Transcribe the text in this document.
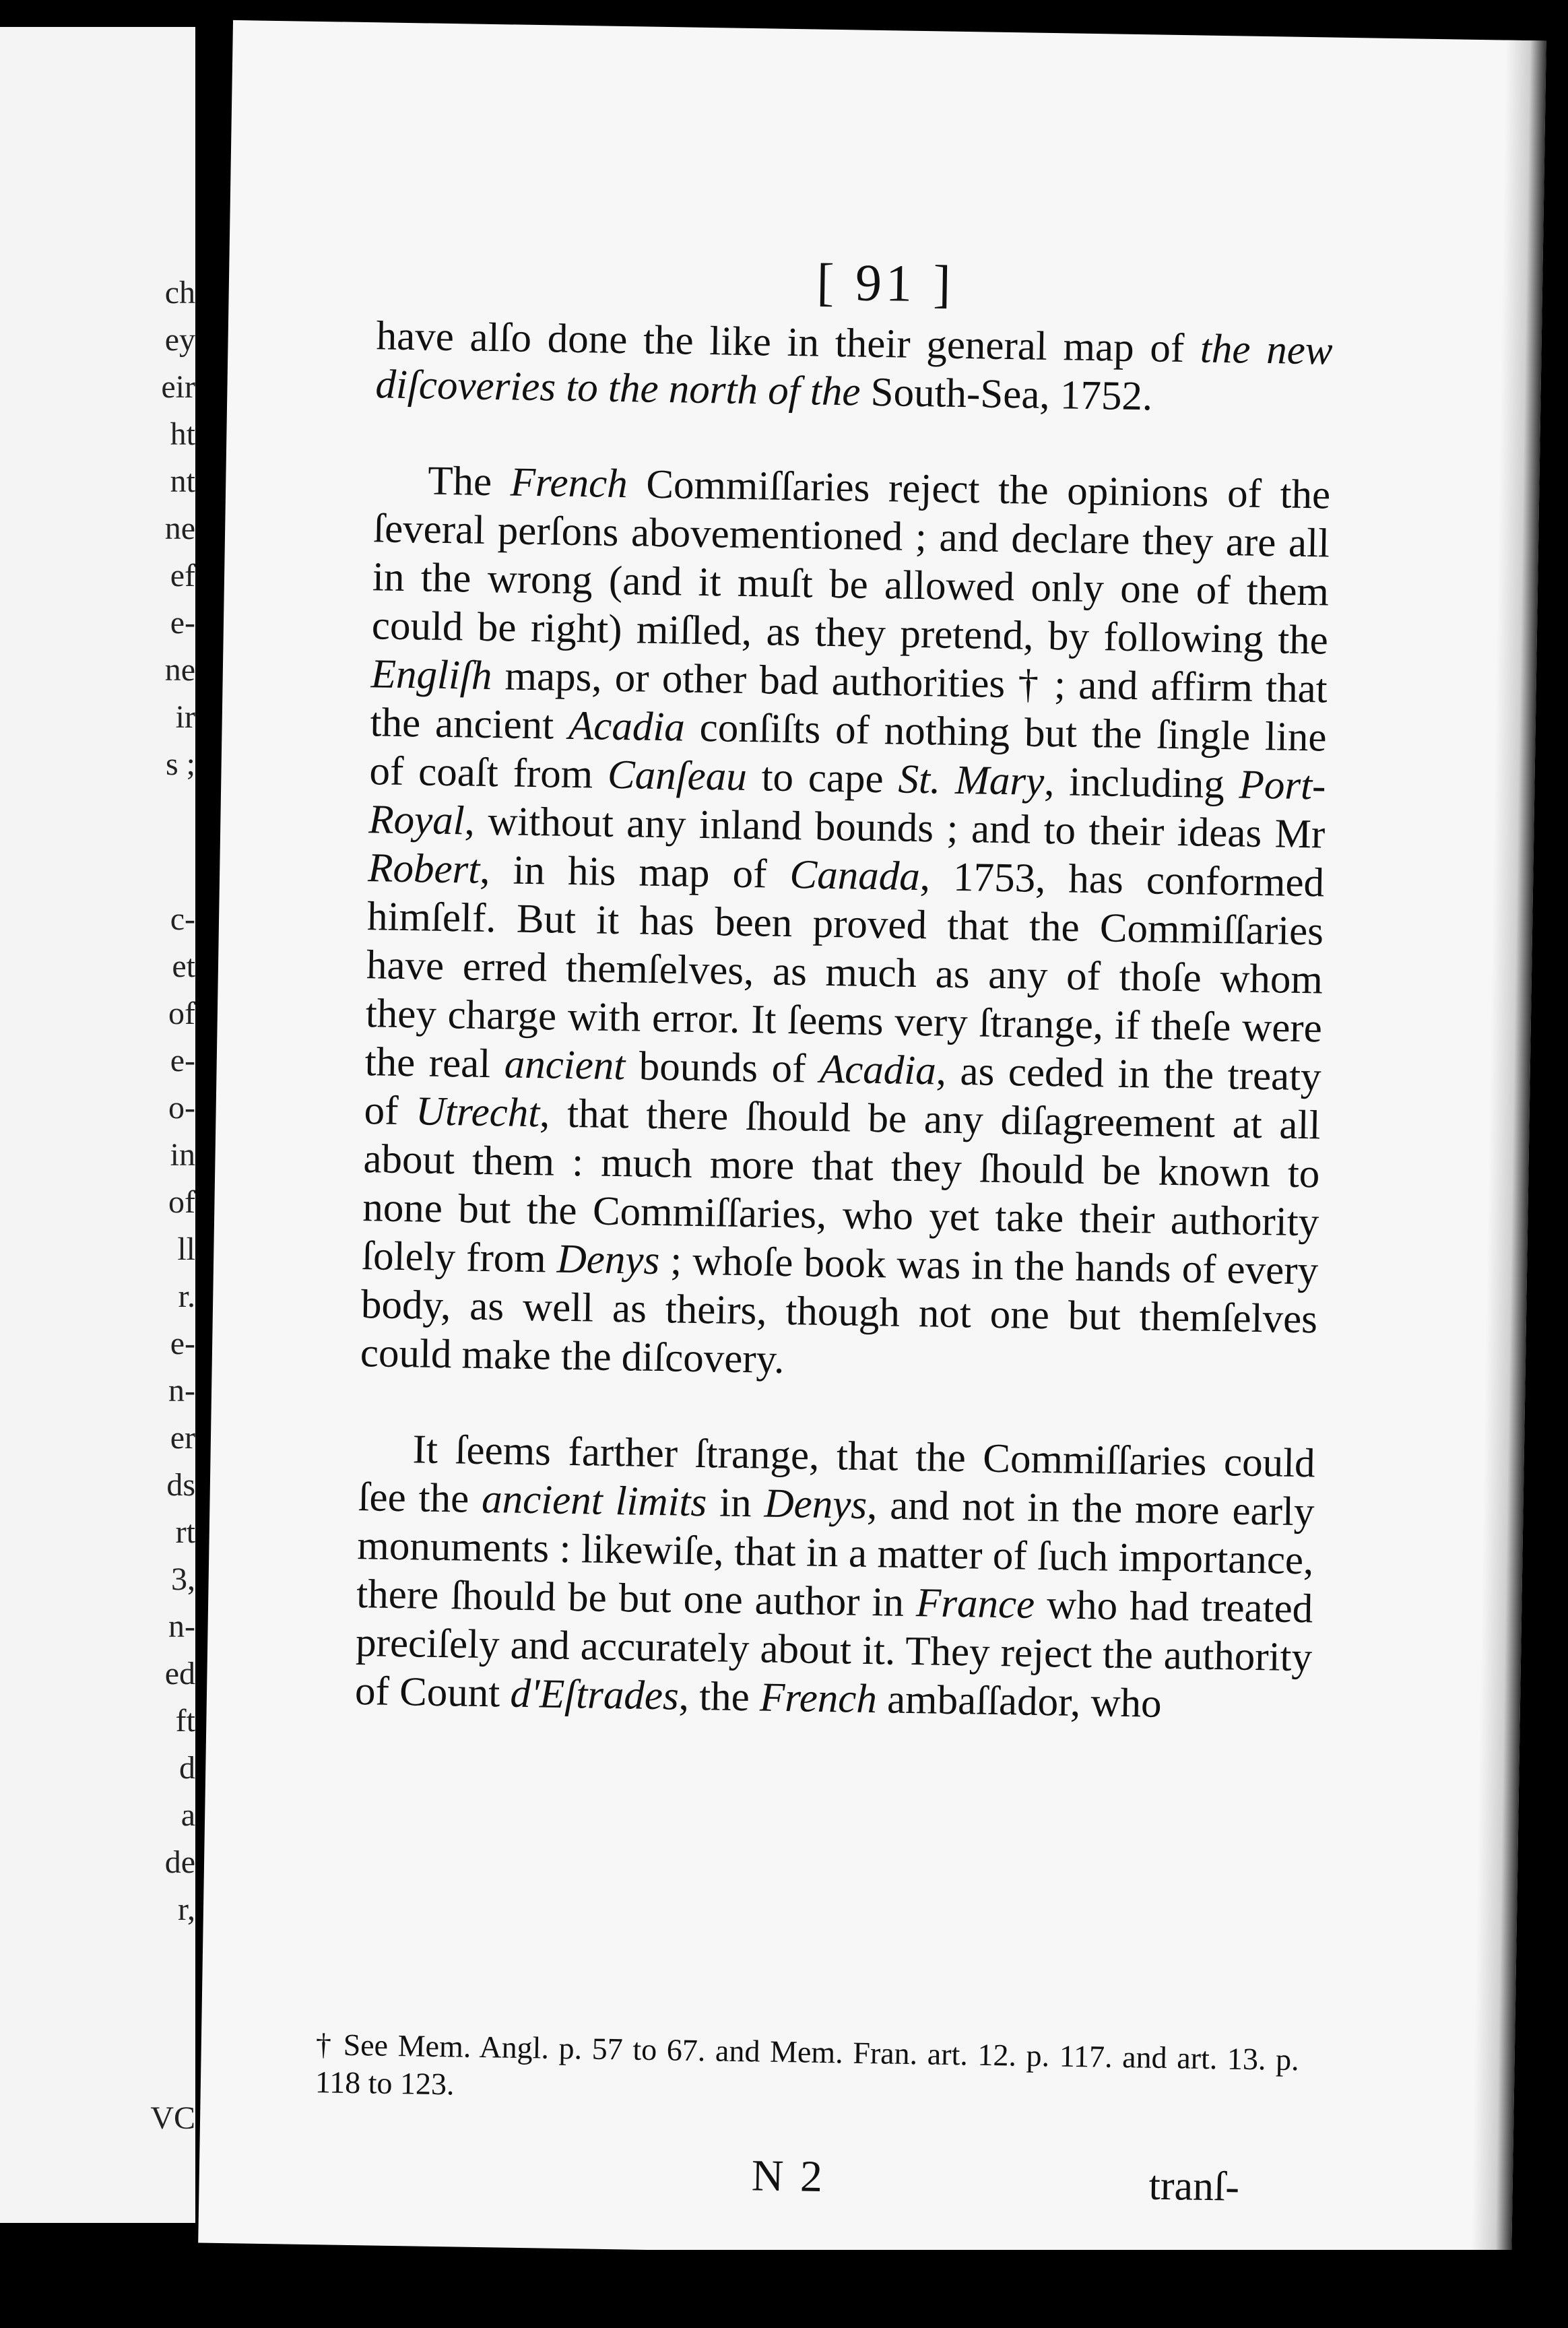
ch
ey
eir
ht
nt
ne
ef
e-
ne
ir
s ;
c-
et
of
e-
o-
in
of
ll
r.
e-
n-
er
ds
rt
3,
n-
ed
ft
d
a
de
r,
VC
[ 91 ]

have alſo done the like in their general map of the new diſcoveries to the north of the South-Sea, 1752.

The French Commiſſaries reject the opinions of the ſeveral perſons abovementioned ; and declare they are all in the wrong (and it muſt be allowed only one of them could be right) miſled, as they pretend, by following the Engliſh maps, or other bad authorities † ; and affirm that the ancient Acadia conſiſts of nothing but the ſingle line of coaſt from Canſeau to cape St. Mary, including Port-Royal, without any inland bounds ; and to their ideas Mr Robert, in his map of Canada, 1753, has conformed himſelf. But it has been proved that the Commiſſaries have erred themſelves, as much as any of thoſe whom they charge with error. It ſeems very ſtrange, if theſe were the real ancient bounds of Acadia, as ceded in the treaty of Utrecht, that there ſhould be any diſagreement at all about them : much more that they ſhould be known to none but the Commiſſaries, who yet take their authority ſolely from Denys ; whoſe book was in the hands of every body, as well as theirs, though not one but themſelves could make the diſcovery.

It ſeems farther ſtrange, that the Commiſſaries could ſee the ancient limits in Denys, and not in the more early monuments : likewiſe, that in a matter of ſuch importance, there ſhould be but one author in France who had treated preciſely and accurately about it. They reject the authority of Count d'Eſtrades, the French ambaſſador, who

† See Mem. Angl. p. 57 to 67. and Mem. Fran. art. 12. p. 117. and art. 13. p. 118 to 123.
N 2	tranſ-
